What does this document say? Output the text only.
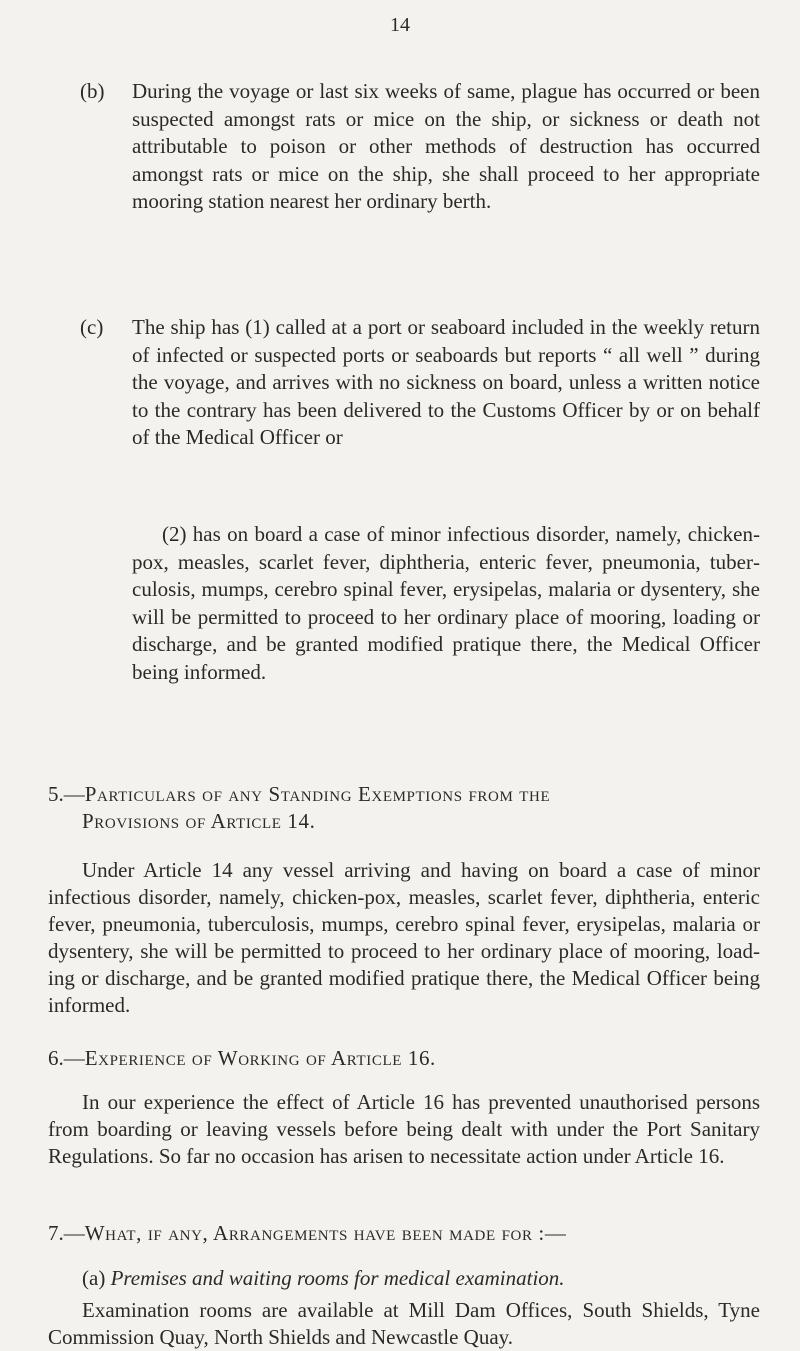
14
(b) During the voyage or last six weeks of same, plague has occurred or been suspected amongst rats or mice on the ship, or sickness or death not attributable to poison or other methods of destruction has occurred amongst rats or mice on the ship, she shall proceed to her appropriate mooring station nearest her ordinary berth.
(c) The ship has (1) called at a port or seaboard included in the weekly return of infected or suspected ports or seaboards but reports “ all well ” during the voyage, and arrives with no sickness on board, unless a written notice to the contrary has been delivered to the Customs Officer by or on behalf of the Medical Officer or
(2) has on board a case of minor infectious disorder, namely, chicken-pox, measles, scarlet fever, diphtheria, enteric fever, pneumonia, tuberculosis, mumps, cerebro spinal fever, erysipelas, malaria or dysentery, she will be permitted to proceed to her ordinary place of mooring, loading or discharge, and be granted modified pratique there, the Medical Officer being informed.
5.—Particulars of any Standing Exemptions from the
Provisions of Article 14.
Under Article 14 any vessel arriving and having on board a case of minor infectious disorder, namely, chicken-pox, measles, scarlet fever, diphtheria, enteric fever, pneumonia, tuberculosis, mumps, cerebro spinal fever, erysipelas, malaria or dysentery, she will be permitted to proceed to her ordinary place of mooring, loading or discharge, and be granted modified pratique there, the Medical Officer being informed.
6.—Experience of Working of Article 16.
In our experience the effect of Article 16 has prevented unauthorised persons from boarding or leaving vessels before being dealt with under the Port Sanitary Regulations. So far no occasion has arisen to necessitate action under Article 16.
7.—What, if any, Arrangements have been made for :—
(a) Premises and waiting rooms for medical examination.
Examination rooms are available at Mill Dam Offices, South Shields, Tyne Commission Quay, North Shields and Newcastle Quay.
